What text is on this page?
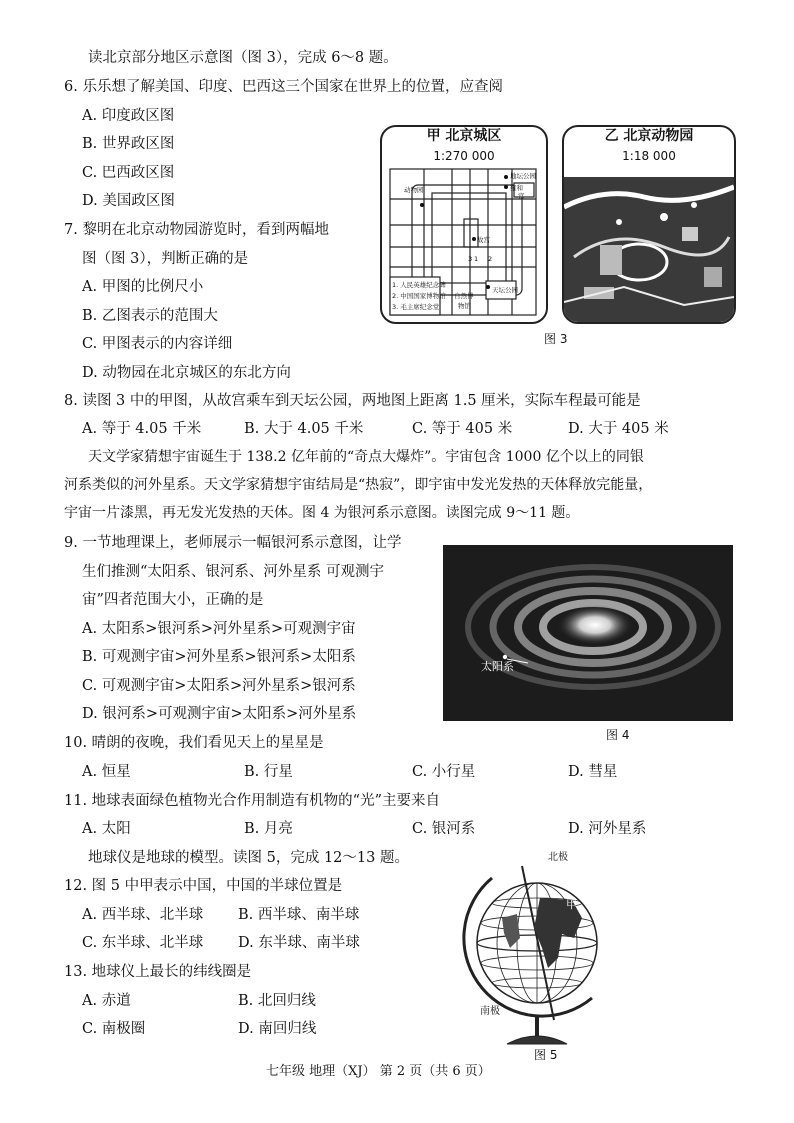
读北京部分地区示意图（图 3），完成 6～8 题。
6. 乐乐想了解美国、印度、巴西这三个国家在世界上的位置，应查阅
A. 印度政区图
B. 世界政区图
C. 巴西政区图
D. 美国政区图
7. 黎明在北京动物园游览时，看到两幅地
图（图 3），判断正确的是
A. 甲图的比例尺小
B. 乙图表示的范围大
C. 甲图表示的内容详细
D. 动物园在北京城区的东北方向
甲 北京城区
1:270 000
动物园
地坛公园
雍和
宫
故宫
3 1 2
天坛公园
自然博
物馆
1. 人民英雄纪念碑
2. 中国国家博物馆
3. 毛主席纪念堂
乙 北京动物园
1:18 000
图 3
8. 读图 3 中的甲图，从故宫乘车到天坛公园，两地图上距离 1.5 厘米，实际车程最可能是
A. 等于 4.05 千米	B. 大于 4.05 千米	C. 等于 405 米	D. 大于 405 米
天文学家猜想宇宙诞生于 138.2 亿年前的“奇点大爆炸”。宇宙包含 1000 亿个以上的同银
河系类似的河外星系。天文学家猜想宇宙结局是“热寂”，即宇宙中发光发热的天体释放完能量，
宇宙一片漆黑，再无发光发热的天体。图 4 为银河系示意图。读图完成 9～11 题。
9. 一节地理课上，老师展示一幅银河系示意图，让学
生们推测“太阳系、银河系、河外星系 可观测宇
宙”四者范围大小，正确的是
A. 太阳系>银河系>河外星系>可观测宇宙
B. 可观测宇宙>河外星系>银河系>太阳系
C. 可观测宇宙>太阳系>河外星系>银河系
D. 银河系>可观测宇宙>太阳系>河外星系
太阳系
图 4
10. 晴朗的夜晚，我们看见天上的星星是
A. 恒星	B. 行星	C. 小行星	D. 彗星
11. 地球表面绿色植物光合作用制造有机物的“光”主要来自
A. 太阳	B. 月亮	C. 银河系	D. 河外星系
地球仪是地球的模型。读图 5，完成 12～13 题。
12. 图 5 中甲表示中国，中国的半球位置是
A. 西半球、北半球 B. 西半球、南半球
C. 东半球、北半球 D. 东半球、南半球
13. 地球仪上最长的纬线圈是
A. 赤道	B. 北回归线
C. 南极圈	D. 南回归线
北极
南极
甲
图 5
七年级 地理（XJ） 第 2 页（共 6 页）
